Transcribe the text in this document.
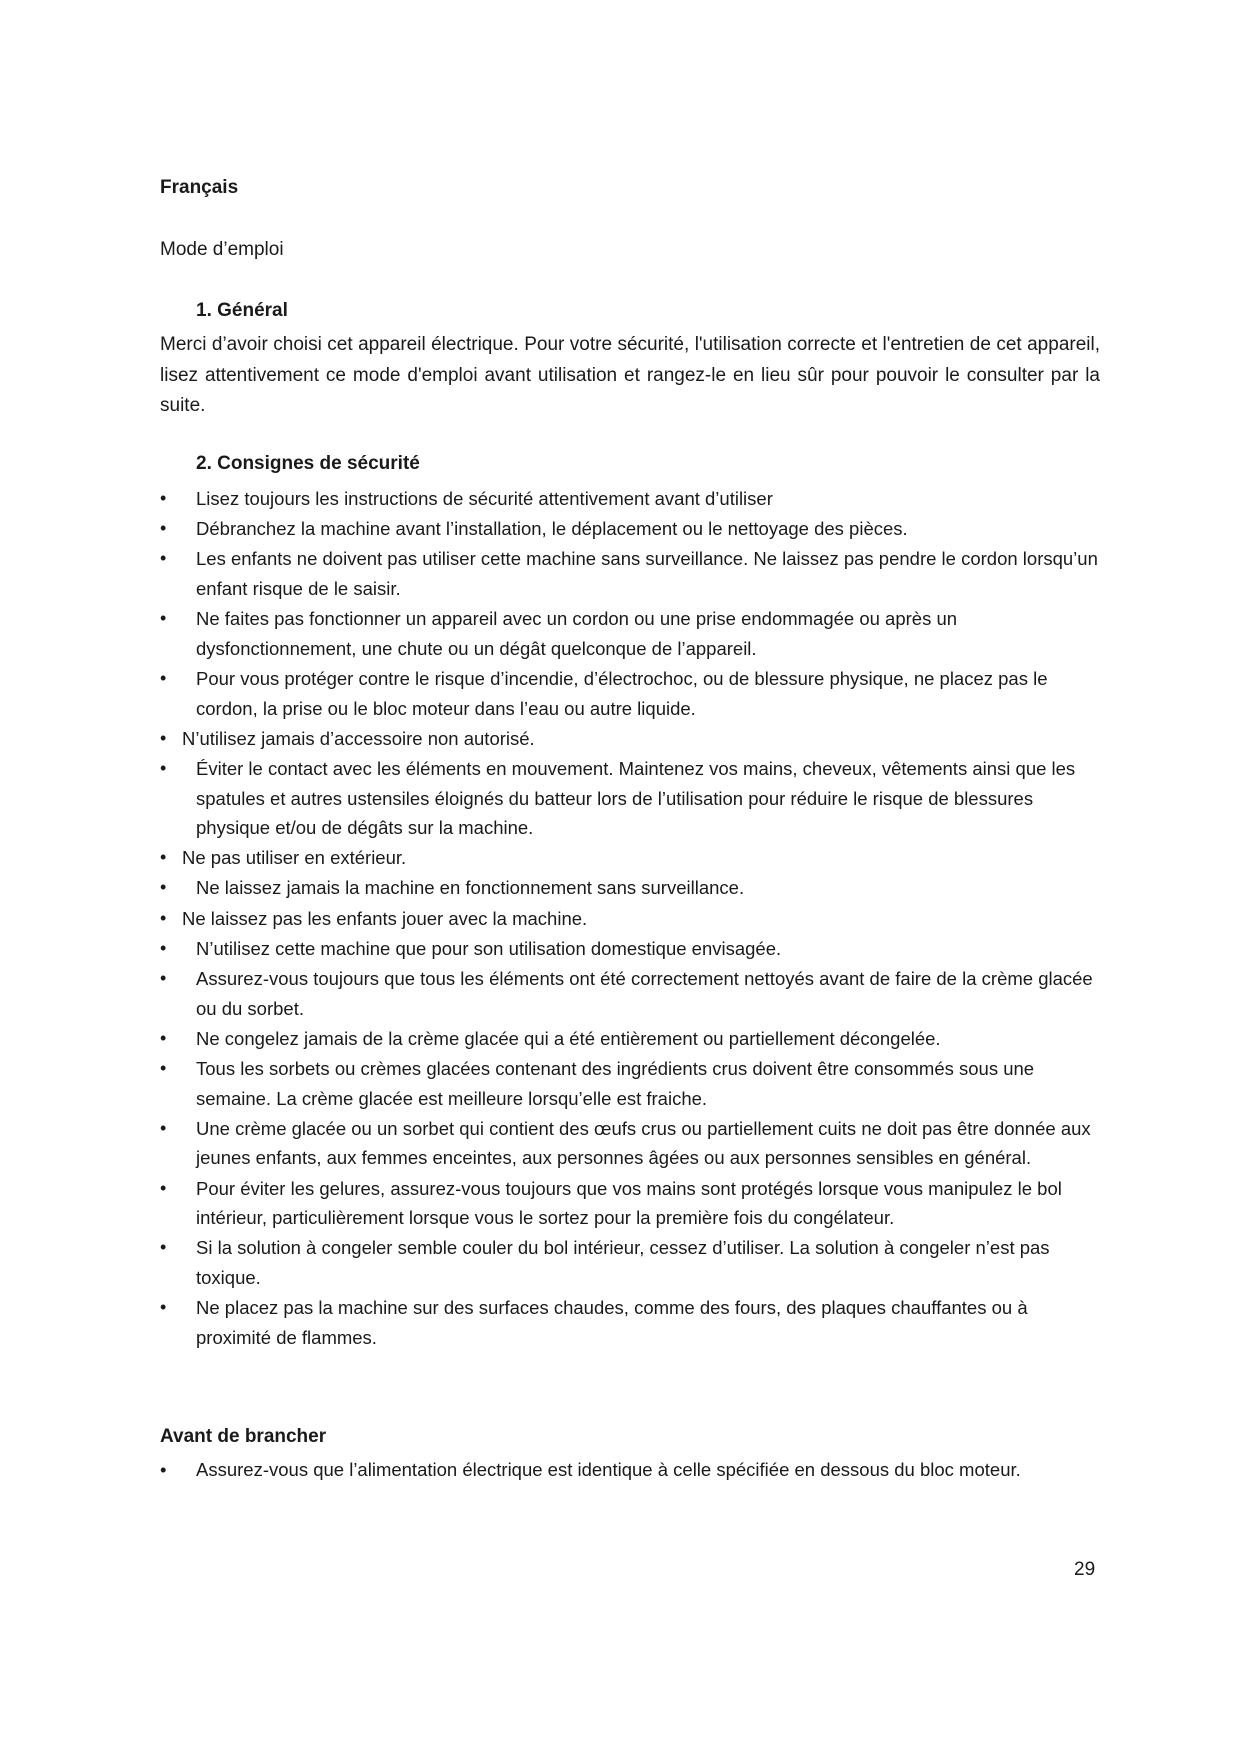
Français
Mode d’emploi
1. Général

Merci d’avoir choisi cet appareil électrique. Pour votre sécurité, l'utilisation correcte et l'entretien de cet appareil, lisez attentivement ce mode d'emploi avant utilisation et rangez-le en lieu sûr pour pouvoir le consulter par la suite.

2. Consignes de sécurité
• Lisez toujours les instructions de sécurité attentivement avant d’utiliser
• Débranchez la machine avant l’installation, le déplacement ou le nettoyage des pièces.
• Les enfants ne doivent pas utiliser cette machine sans surveillance. Ne laissez pas pendre le cordon lorsqu’un enfant risque de le saisir.
• Ne faites pas fonctionner un appareil avec un cordon ou une prise endommagée ou après un dysfonctionnement, une chute ou un dégât quelconque de l’appareil.
• Pour vous protéger contre le risque d’incendie, d’électrochoc, ou de blessure physique, ne placez pas le cordon, la prise ou le bloc moteur dans l’eau ou autre liquide.
• N’utilisez jamais d’accessoire non autorisé.
• Éviter le contact avec les éléments en mouvement. Maintenez vos mains, cheveux, vêtements ainsi que les spatules et autres ustensiles éloignés du batteur lors de l’utilisation pour réduire le risque de blessures physique et/ou de dégâts sur la machine.
• Ne pas utiliser en extérieur.
• Ne laissez jamais la machine en fonctionnement sans surveillance.
• Ne laissez pas les enfants jouer avec la machine.
• N’utilisez cette machine que pour son utilisation domestique envisagée.
• Assurez-vous toujours que tous les éléments ont été correctement nettoyés avant de faire de la crème glacée ou du sorbet.
• Ne congelez jamais de la crème glacée qui a été entièrement ou partiellement décongelée.
• Tous les sorbets ou crèmes glacées contenant des ingrédients crus doivent être consommés sous une semaine. La crème glacée est meilleure lorsqu’elle est fraiche.
• Une crème glacée ou un sorbet qui contient des œufs crus ou partiellement cuits ne doit pas être donnée aux jeunes enfants, aux femmes enceintes, aux personnes âgées ou aux personnes sensibles en général.
• Pour éviter les gelures, assurez-vous toujours que vos mains sont protégés lorsque vous manipulez le bol intérieur, particulièrement lorsque vous le sortez pour la première fois du congélateur.
• Si la solution à congeler semble couler du bol intérieur, cessez d’utiliser. La solution à congeler n’est pas toxique.
• Ne placez pas la machine sur des surfaces chaudes, comme des fours, des plaques chauffantes ou à proximité de flammes.
Avant de brancher
• Assurez-vous que l’alimentation électrique est identique à celle spécifiée en dessous du bloc moteur.
29
